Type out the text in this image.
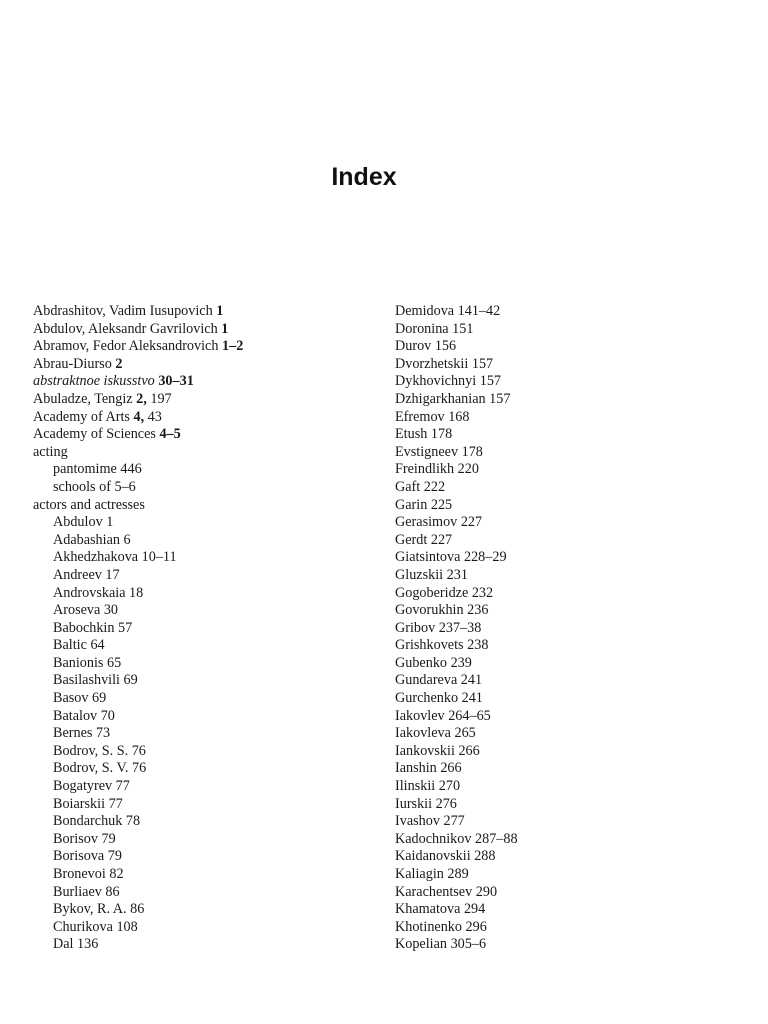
Index
Abdrashitov, Vadim Iusupovich 1
Abdulov, Aleksandr Gavrilovich 1
Abramov, Fedor Aleksandrovich 1–2
Abrau-Diurso 2
abstraktnoe iskusstvo 30–31
Abuladze, Tengiz 2, 197
Academy of Arts 4, 43
Academy of Sciences 4–5
acting
pantomime 446
schools of 5–6
actors and actresses
Abdulov 1
Adabashian 6
Akhedzhakova 10–11
Andreev 17
Androvskaia 18
Aroseva 30
Babochkin 57
Baltic 64
Banionis 65
Basilashvili 69
Basov 69
Batalov 70
Bernes 73
Bodrov, S. S. 76
Bodrov, S. V. 76
Bogatyrev 77
Boiarskii 77
Bondarchuk 78
Borisov 79
Borisova 79
Bronevoi 82
Burliaev 86
Bykov, R. A. 86
Churikova 108
Dal 136
Demidova 141–42
Doronina 151
Durov 156
Dvorzhetskii 157
Dykhovichnyi 157
Dzhigarkhanian 157
Efremov 168
Etush 178
Evstigneev 178
Freindlikh 220
Gaft 222
Garin 225
Gerasimov 227
Gerdt 227
Giatsintova 228–29
Gluzskii 231
Gogoberidze 232
Govorukhin 236
Gribov 237–38
Grishkovets 238
Gubenko 239
Gundareva 241
Gurchenko 241
Iakovlev 264–65
Iakovleva 265
Iankovskii 266
Ianshin 266
Ilinskii 270
Iurskii 276
Ivashov 277
Kadochnikov 287–88
Kaidanovskii 288
Kaliagin 289
Karachentsev 290
Khamatova 294
Khotinenko 296
Kopelian 305–6
